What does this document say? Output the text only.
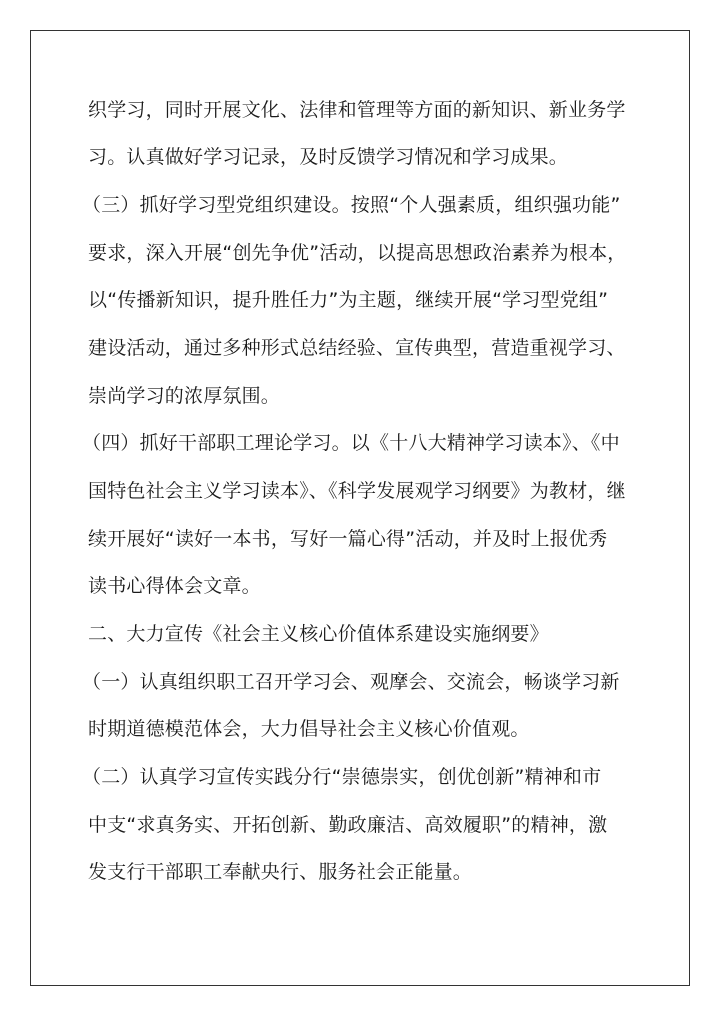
织学习，同时开展文化、法律和管理等方面的新知识、新业务学
习。认真做好学习记录，及时反馈学习情况和学习成果。
（三）抓好学习型党组织建设。按照“个人强素质，组织强功能”
要求，深入开展“创先争优”活动，以提高思想政治素养为根本，
以“传播新知识，提升胜任力”为主题，继续开展“学习型党组”
建设活动，通过多种形式总结经验、宣传典型，营造重视学习、
崇尚学习的浓厚氛围。
（四）抓好干部职工理论学习。以《十八大精神学习读本》、《中
国特色社会主义学习读本》、《科学发展观学习纲要》为教材，继
续开展好“读好一本书，写好一篇心得”活动，并及时上报优秀
读书心得体会文章。
二、大力宣传《社会主义核心价值体系建设实施纲要》
（一）认真组织职工召开学习会、观摩会、交流会，畅谈学习新
时期道德模范体会，大力倡导社会主义核心价值观。
（二）认真学习宣传实践分行“崇德崇实，创优创新”精神和市
中支“求真务实、开拓创新、勤政廉洁、高效履职”的精神，激
发支行干部职工奉献央行、服务社会正能量。
